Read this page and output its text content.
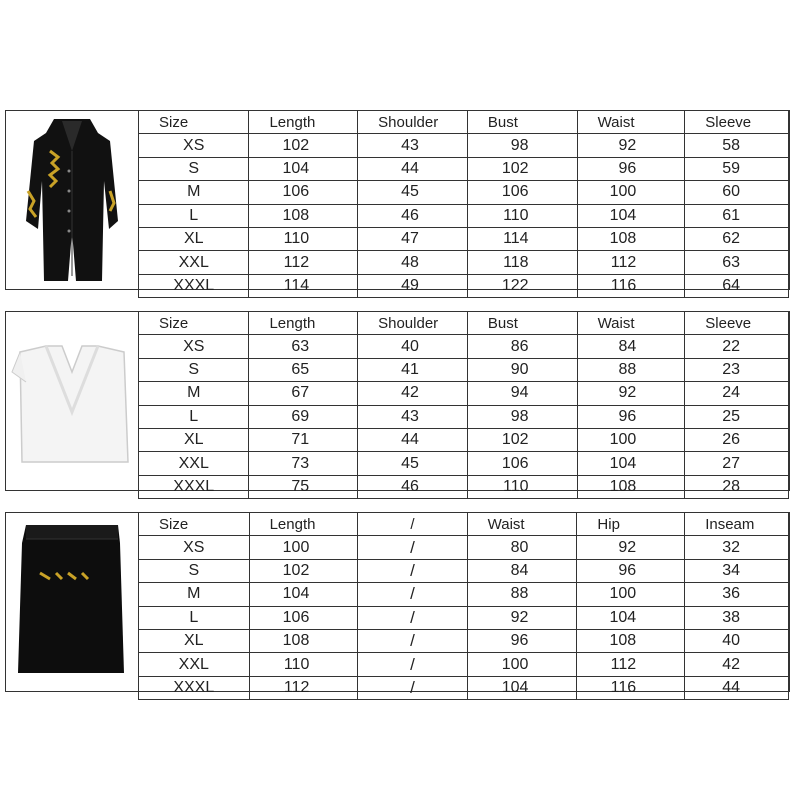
Size	Length	Shoulder	Bust	Waist	Sleeve
XS	102	43	98	92	58
S	104	44	102	96	59
M	106	45	106	100	60
L	108	46	110	104	61
XL	110	47	114	108	62
XXL	112	48	118	112	63
XXXL	114	49	122	116	64
Size	Length	Shoulder	Bust	Waist	Sleeve
XS	63	40	86	84	22
S	65	41	90	88	23
M	67	42	94	92	24
L	69	43	98	96	25
XL	71	44	102	100	26
XXL	73	45	106	104	27
XXXL	75	46	110	108	28
Size	Length	/	Waist	Hip	Inseam
XS	100	/	80	92	32
S	102	/	84	96	34
M	104	/	88	100	36
L	106	/	92	104	38
XL	108	/	96	108	40
XXL	110	/	100	112	42
XXXL	112	/	104	116	44
